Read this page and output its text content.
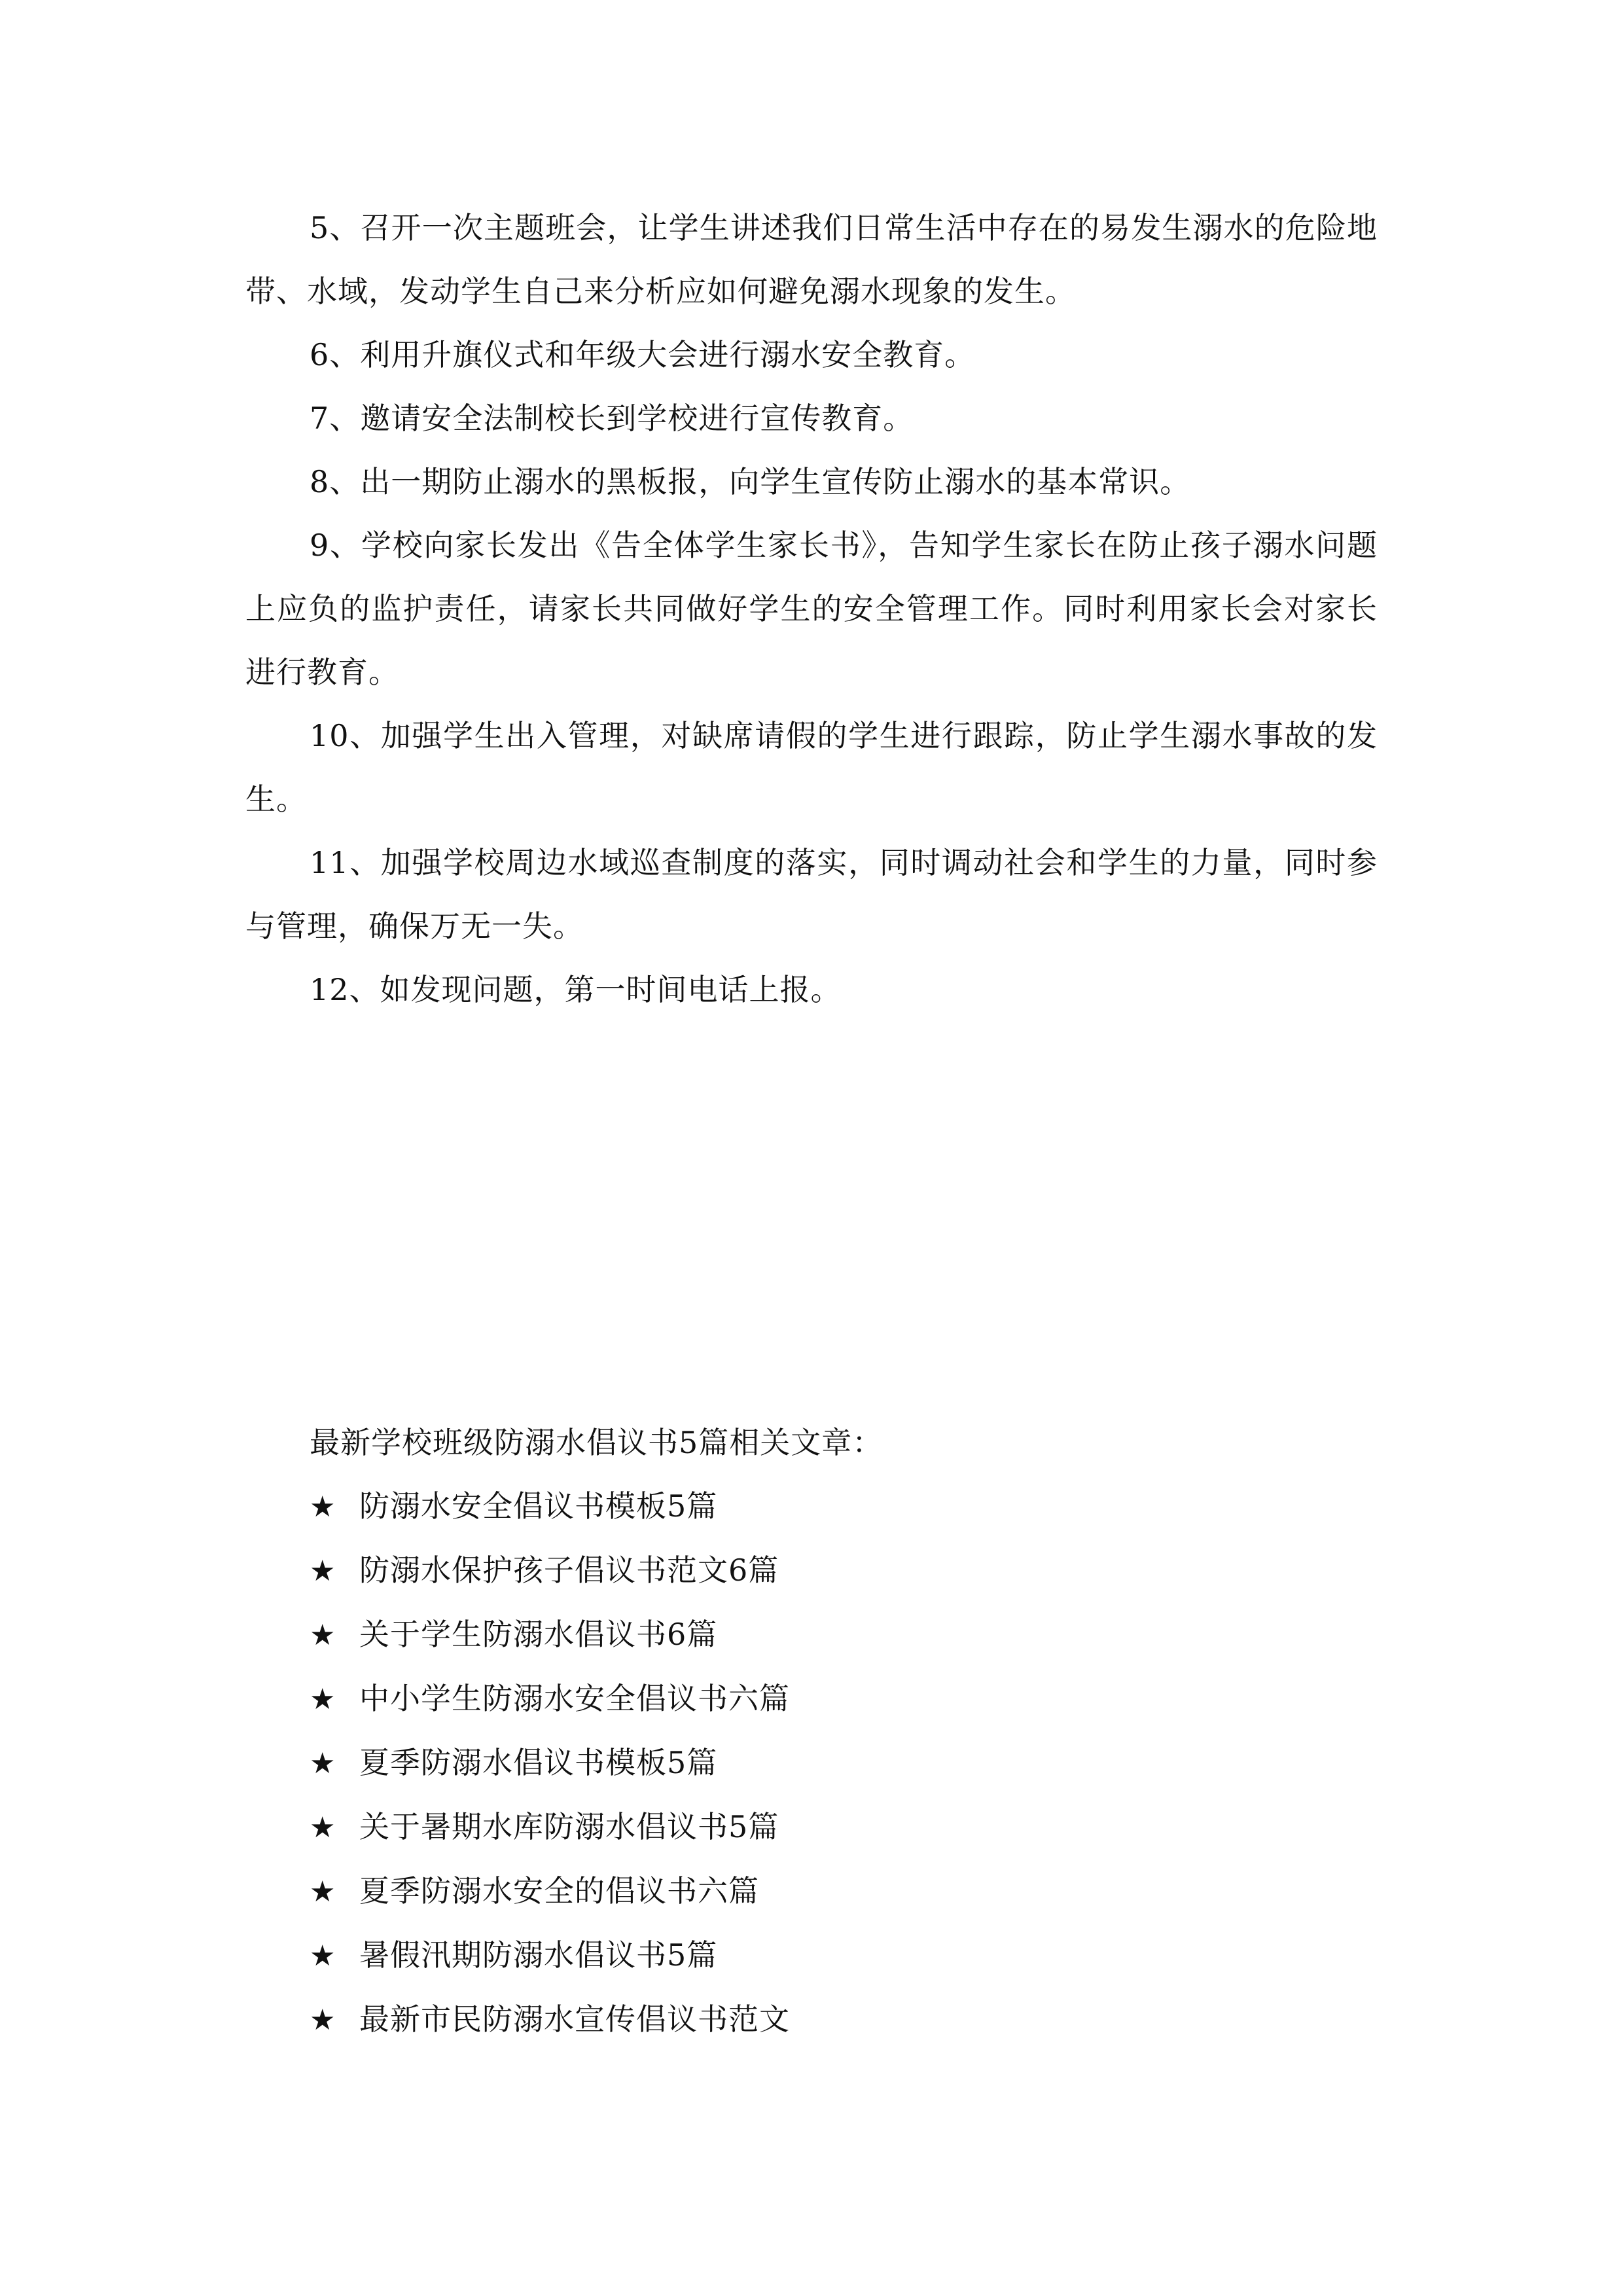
5、召开一次主题班会，让学生讲述我们日常生活中存在的易发生溺水的危险地带、水域，发动学生自己来分析应如何避免溺水现象的发生。

6、利用升旗仪式和年级大会进行溺水安全教育。

7、邀请安全法制校长到学校进行宣传教育。

8、出一期防止溺水的黑板报，向学生宣传防止溺水的基本常识。

9、学校向家长发出《告全体学生家长书》，告知学生家长在防止孩子溺水问题上应负的监护责任，请家长共同做好学生的安全管理工作。同时利用家长会对家长进行教育。

10、加强学生出入管理，对缺席请假的学生进行跟踪，防止学生溺水事故的发生。

11、加强学校周边水域巡查制度的落实，同时调动社会和学生的力量，同时参与管理，确保万无一失。

12、如发现问题，第一时间电话上报。

最新学校班级防溺水倡议书5篇相关文章：

★ 防溺水安全倡议书模板5篇
★ 防溺水保护孩子倡议书范文6篇
★ 关于学生防溺水倡议书6篇
★ 中小学生防溺水安全倡议书六篇
★ 夏季防溺水倡议书模板5篇
★ 关于暑期水库防溺水倡议书5篇
★ 夏季防溺水安全的倡议书六篇
★ 暑假汛期防溺水倡议书5篇
★ 最新市民防溺水宣传倡议书范文
